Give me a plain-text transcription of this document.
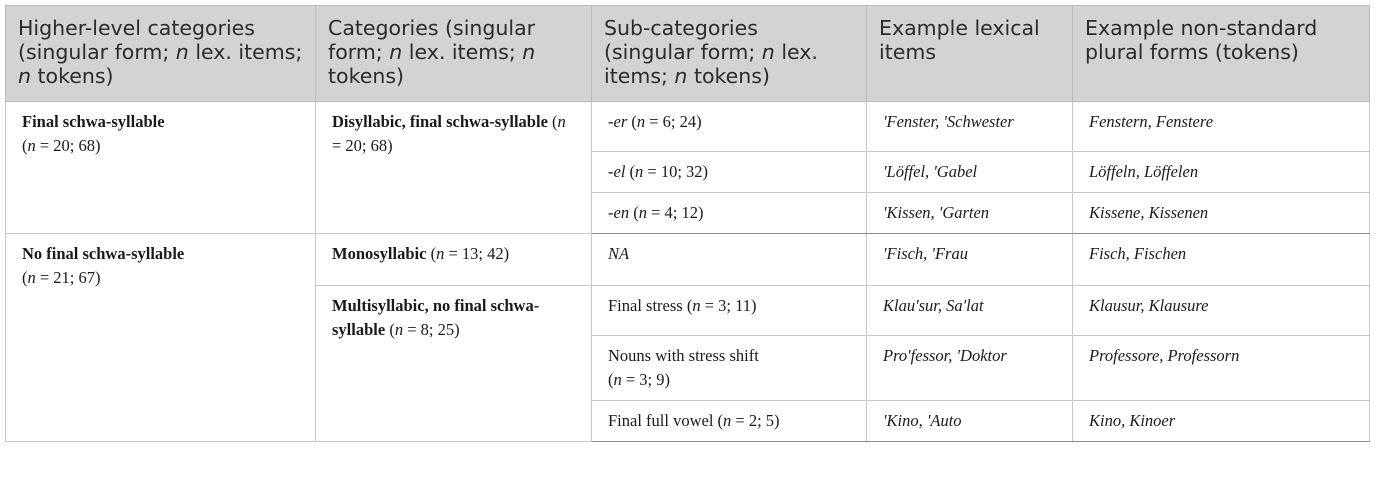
Higher-level categories (singular form; n lex. items; n tokens)	Categories (singular form; n lex. items; n tokens)	Sub-categories (singular form; n lex. items; n tokens)	Example lexical items	Example non-standard plural forms (tokens)
Final schwa-syllable
(n = 20; 68)	Disyllabic, final schwa-syllable (n = 20; 68)	-er (n = 6; 24)	'Fenster, 'Schwester	Fenstern, Fenstere
		-el (n = 10; 32)	'Löffel, 'Gabel	Löffeln, Löffelen
		-en (n = 4; 12)	'Kissen, 'Garten	Kissene, Kissenen
No final schwa-syllable
(n = 21; 67)	Monosyllabic (n = 13; 42)	NA	'Fisch, 'Frau	Fisch, Fischen
	Multisyllabic, no final schwa-syllable (n = 8; 25)	Final stress (n = 3; 11)	Klau'sur, Sa'lat	Klausur, Klausure
		Nouns with stress shift
(n = 3; 9)	Pro'fessor, 'Doktor	Professore, Professorn
		Final full vowel (n = 2; 5)	'Kino, 'Auto	Kino, Kinoer
